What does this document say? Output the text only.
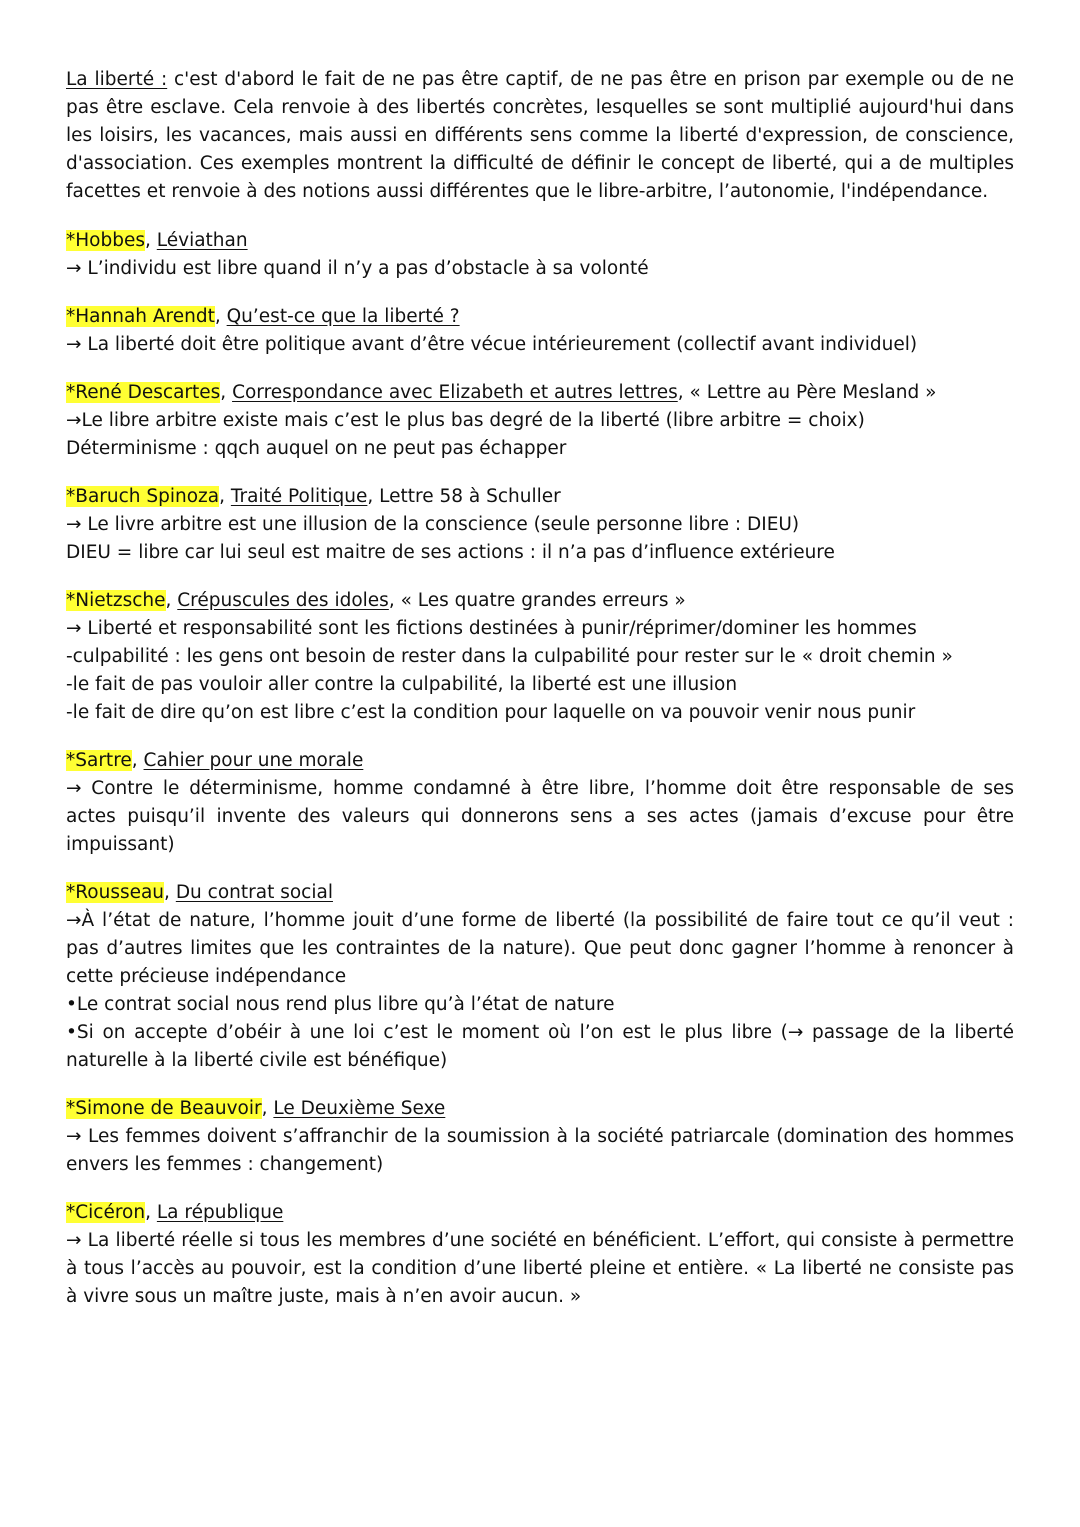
La liberté : c'est d'abord le fait de ne pas être captif, de ne pas être en prison par exemple ou de ne pas être esclave. Cela renvoie à des libertés concrètes, lesquelles se sont multiplié aujourd'hui dans les loisirs, les vacances, mais aussi en différents sens comme la liberté d'expression, de conscience, d'association. Ces exemples montrent la difficulté de définir le concept de liberté, qui a de multiples facettes et renvoie à des notions aussi différentes que le libre-arbitre, l’autonomie, l'indépendance.

*Hobbes, Léviathan

→ L’individu est libre quand il n’y a pas d’obstacle à sa volonté

*Hannah Arendt, Qu’est-ce que la liberté ?

→ La liberté doit être politique avant d’être vécue intérieurement (collectif avant individuel)

*René Descartes, Correspondance avec Elizabeth et autres lettres, « Lettre au Père Mesland »

→Le libre arbitre existe mais c’est le plus bas degré de la liberté (libre arbitre = choix)

Déterminisme : qqch auquel on ne peut pas échapper

*Baruch Spinoza, Traité Politique, Lettre 58 à Schuller

→ Le livre arbitre est une illusion de la conscience (seule personne libre : DIEU)

DIEU = libre car lui seul est maitre de ses actions : il n’a pas d’influence extérieure

*Nietzsche, Crépuscules des idoles, « Les quatre grandes erreurs »

→ Liberté et responsabilité sont les fictions destinées à punir/réprimer/dominer les hommes

-culpabilité : les gens ont besoin de rester dans la culpabilité pour rester sur le « droit chemin »

-le fait de pas vouloir aller contre la culpabilité, la liberté est une illusion

-le fait de dire qu’on est libre c’est la condition pour laquelle on va pouvoir venir nous punir

*Sartre, Cahier pour une morale

→ Contre le déterminisme, homme condamné à être libre, l’homme doit être responsable de ses actes puisqu’il invente des valeurs qui donnerons sens a ses actes (jamais d’excuse pour être impuissant)

*Rousseau, Du contrat social

→À l’état de nature, l’homme jouit d’une forme de liberté (la possibilité de faire tout ce qu’il veut : pas d’autres limites que les contraintes de la nature). Que peut donc gagner l’homme à renoncer à cette précieuse indépendance

•Le contrat social nous rend plus libre qu’à l’état de nature

•Si on accepte d’obéir à une loi c’est le moment où l’on est le plus libre (→ passage de la liberté naturelle à la liberté civile est bénéfique)

*Simone de Beauvoir, Le Deuxième Sexe

→ Les femmes doivent s’affranchir de la soumission à la société patriarcale (domination des hommes envers les femmes : changement)

*Cicéron, La république

→ La liberté réelle si tous les membres d’une société en bénéficient. L’effort, qui consiste à permettre à tous l’accès au pouvoir, est la condition d’une liberté pleine et entière. « La liberté ne consiste pas à vivre sous un maître juste, mais à n’en avoir aucun. »
